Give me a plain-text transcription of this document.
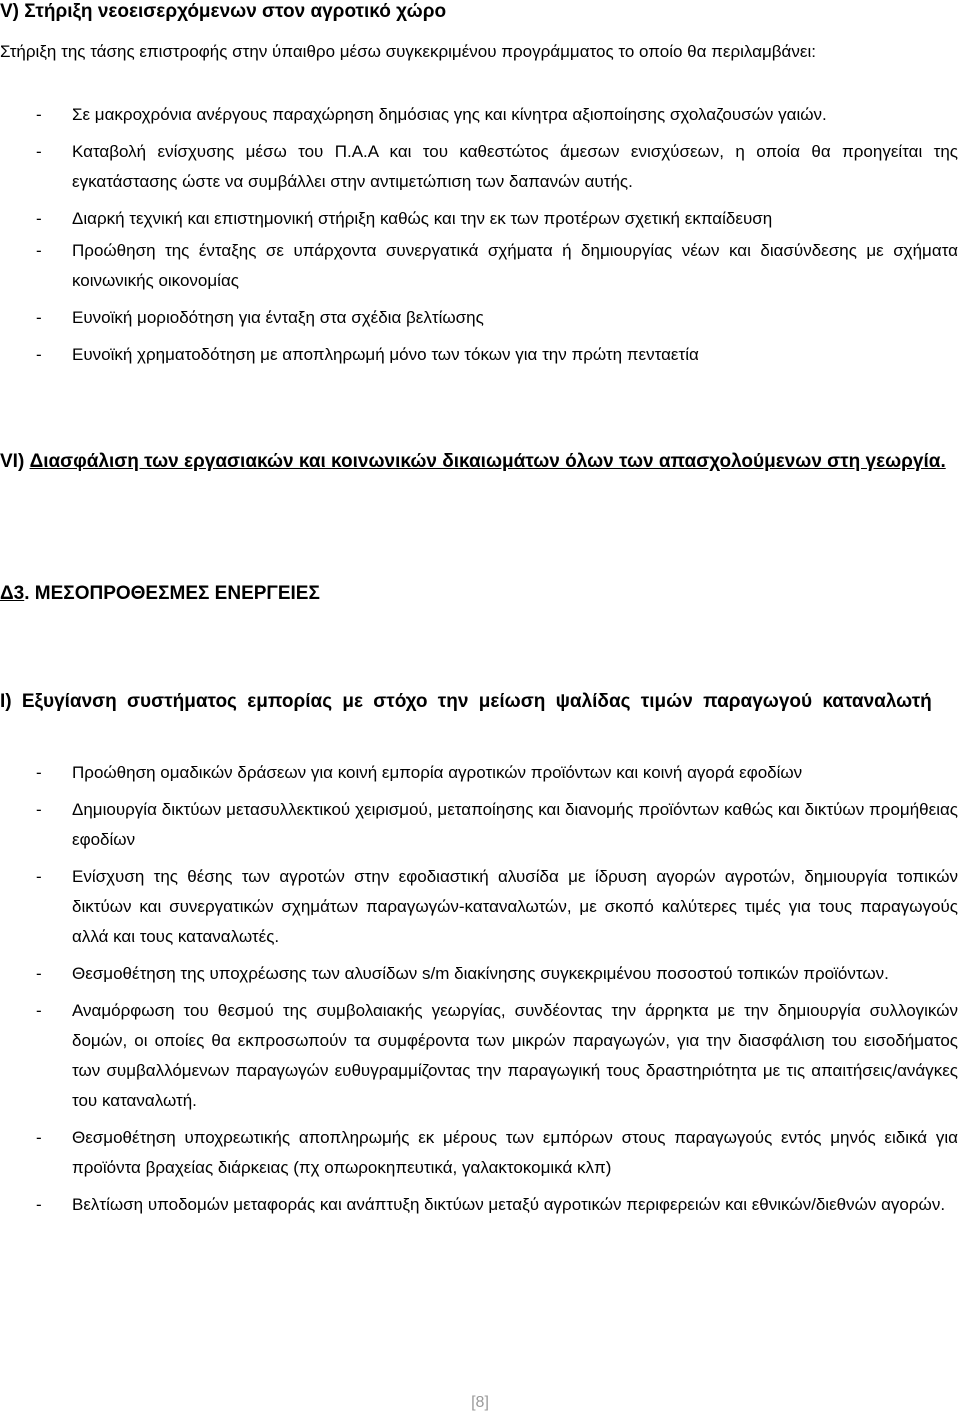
V) Στήριξη νεοεισερχόμενων στον αγροτικό χώρο

Στήριξη της τάσης επιστροφής στην ύπαιθρο μέσω συγκεκριμένου προγράμματος το οποίο θα περιλαμβάνει:

- Σε μακροχρόνια ανέργους παραχώρηση δημόσιας γης και κίνητρα αξιοποίησης σχολαζουσών γαιών.
- Καταβολή ενίσχυσης μέσω του Π.Α.Α και του καθεστώτος άμεσων ενισχύσεων, η οποία θα προηγείται της εγκατάστασης ώστε να συμβάλλει στην αντιμετώπιση των δαπανών αυτής.
- Διαρκή τεχνική και επιστημονική στήριξη καθώς και την εκ των προτέρων σχετική εκπαίδευση
- Προώθηση της ένταξης σε υπάρχοντα συνεργατικά σχήματα ή δημιουργίας νέων και διασύνδεσης με σχήματα κοινωνικής οικονομίας
- Ευνοϊκή μοριοδότηση για ένταξη στα σχέδια βελτίωσης
- Ευνοϊκή χρηματοδότηση με αποπληρωμή μόνο των τόκων για την πρώτη πενταετία

VI) Διασφάλιση των εργασιακών και κοινωνικών δικαιωμάτων όλων των απασχολούμενων στη γεωργία.

Δ3. ΜΕΣΟΠΡΟΘΕΣΜΕΣ ΕΝΕΡΓΕΙΕΣ

Ι) Εξυγίανση συστήματος εμπορίας με στόχο την μείωση ψαλίδας τιμών παραγωγού καταναλωτή

- Προώθηση ομαδικών δράσεων για κοινή εμπορία αγροτικών προϊόντων και κοινή αγορά εφοδίων
- Δημιουργία δικτύων μετασυλλεκτικού χειρισμού, μεταποίησης και διανομής προϊόντων καθώς και δικτύων προμήθειας εφοδίων
- Ενίσχυση της θέσης των αγροτών στην εφοδιαστική αλυσίδα με ίδρυση αγορών αγροτών, δημιουργία τοπικών δικτύων και συνεργατικών σχημάτων παραγωγών-καταναλωτών, με σκοπό καλύτερες τιμές για τους παραγωγούς αλλά και τους καταναλωτές.
- Θεσμοθέτηση της υποχρέωσης των αλυσίδων s/m διακίνησης συγκεκριμένου ποσοστού τοπικών προϊόντων.
- Αναμόρφωση του θεσμού της συμβολαιακής γεωργίας, συνδέοντας την άρρηκτα με την δημιουργία συλλογικών δομών, οι οποίες θα εκπροσωπούν τα συμφέροντα των μικρών παραγωγών, για την διασφάλιση του εισοδήματος των συμβαλλόμενων παραγωγών ευθυγραμμίζοντας την παραγωγική τους δραστηριότητα με τις απαιτήσεις/ανάγκες του καταναλωτή.
- Θεσμοθέτηση υποχρεωτικής αποπληρωμής εκ μέρους των εμπόρων στους παραγωγούς εντός μηνός ειδικά για προϊόντα βραχείας διάρκειας (πχ οπωροκηπευτικά, γαλακτοκομικά κλπ)
- Βελτίωση υποδομών μεταφοράς και ανάπτυξη δικτύων μεταξύ αγροτικών περιφερειών και εθνικών/διεθνών αγορών.
[8]
